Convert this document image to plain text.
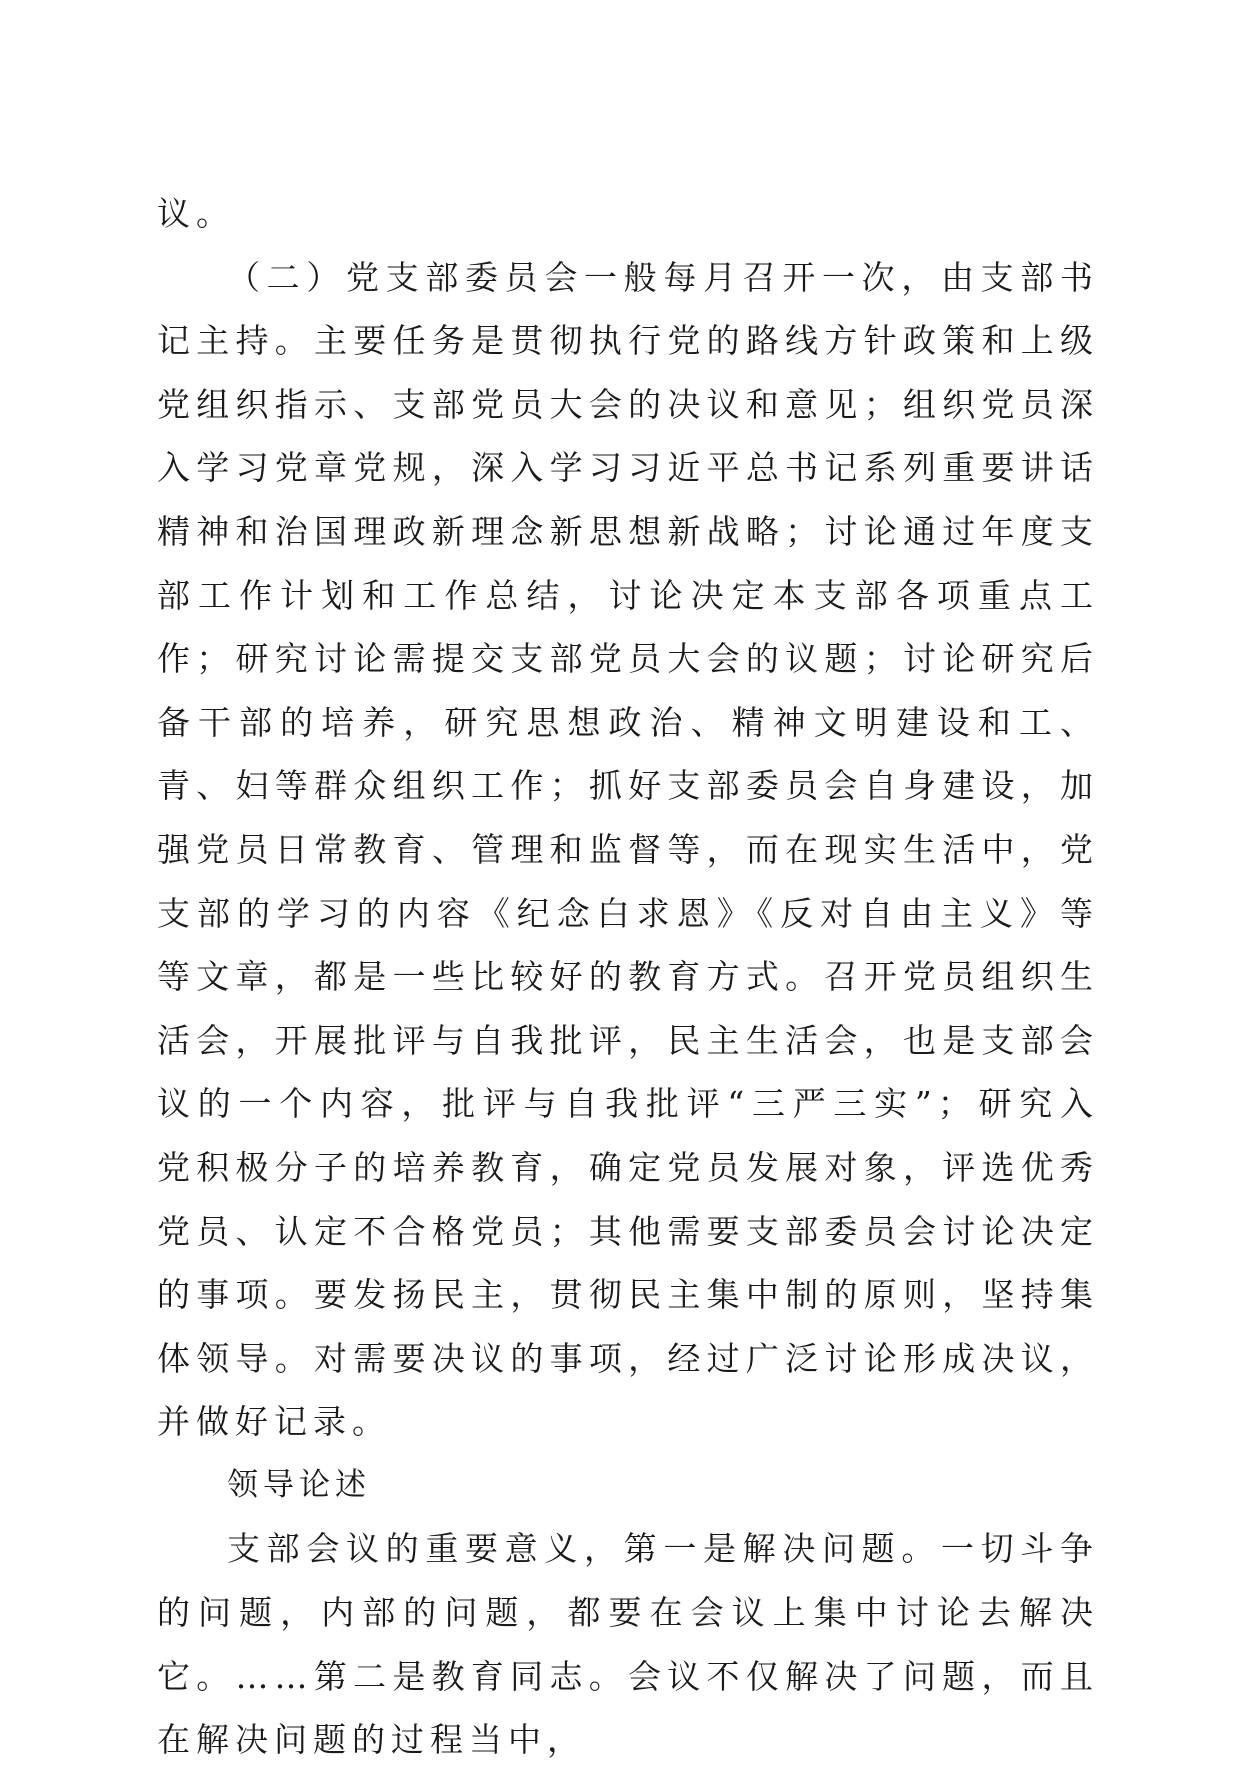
议。

（二）党支部委员会一般每月召开一次，由支部书记主持。主要任务是贯彻执行党的路线方针政策和上级党组织指示、支部党员大会的决议和意见；组织党员深入学习党章党规，深入学习习近平总书记系列重要讲话精神和治国理政新理念新思想新战略；讨论通过年度支部工作计划和工作总结，讨论决定本支部各项重点工作；研究讨论需提交支部党员大会的议题；讨论研究后备干部的培养，研究思想政治、精神文明建设和工、青、妇等群众组织工作；抓好支部委员会自身建设，加强党员日常教育、管理和监督等，而在现实生活中，党支部的学习的内容《纪念白求恩》《反对自由主义》等等文章，都是一些比较好的教育方式。召开党员组织生活会，开展批评与自我批评，民主生活会，也是支部会议的一个内容，批评与自我批评“三严三实”；研究入党积极分子的培养教育，确定党员发展对象，评选优秀党员、认定不合格党员；其他需要支部委员会讨论决定的事项。要发扬民主，贯彻民主集中制的原则，坚持集体领导。对需要决议的事项，经过广泛讨论形成决议，并做好记录。

领导论述

支部会议的重要意义，第一是解决问题。一切斗争的问题，内部的问题，都要在会议上集中讨论去解决它。……第二是教育同志。会议不仅解决了问题，而且在解决问题的过程当中，
